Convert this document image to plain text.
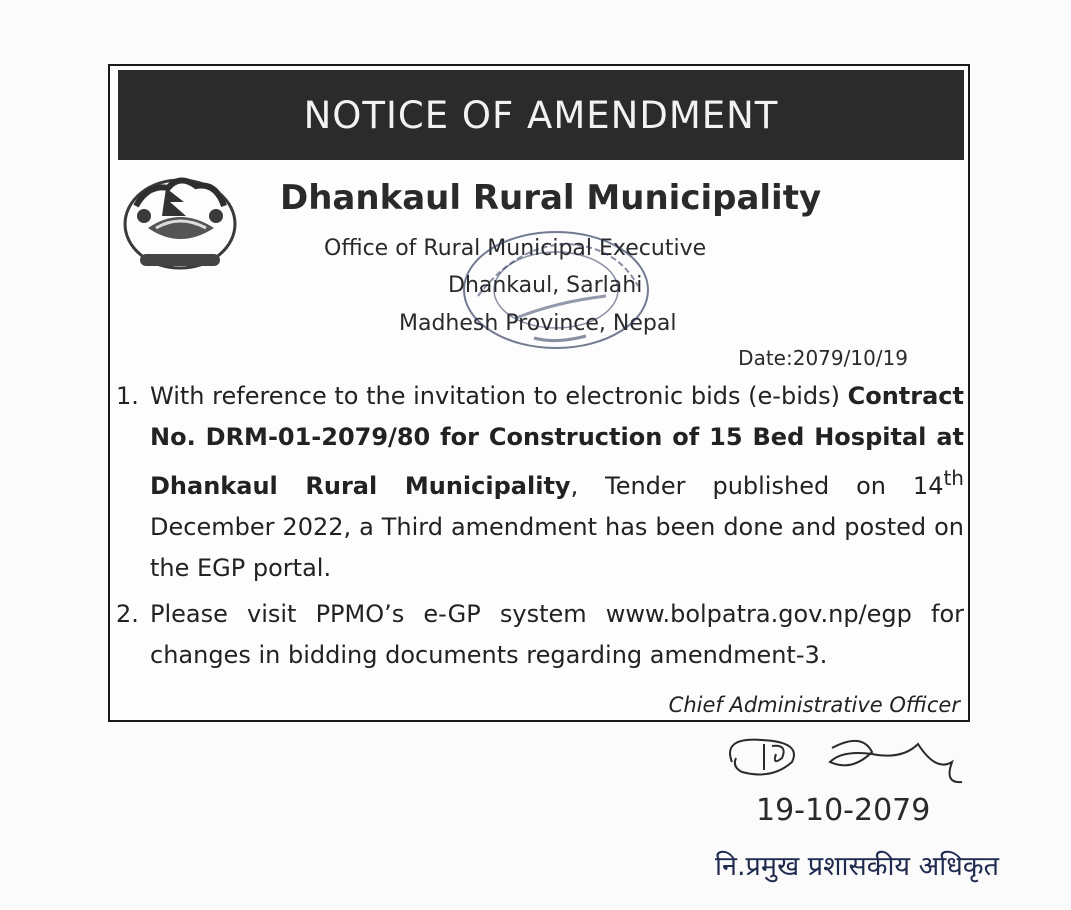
NOTICE OF AMENDMENT
Dhankaul Rural Municipality
Office of Rural Municipal Executive
Dhankaul, Sarlahi
Madhesh Province, Nepal
Date:2079/10/19
1. With reference to the invitation to electronic bids (e-bids) Contract No. DRM-01-2079/80 for Construction of 15 Bed Hospital at Dhankaul Rural Municipality, Tender published on 14th December 2022, a Third amendment has been done and posted on the EGP portal.
2. Please visit PPMO’s e-GP system www.bolpatra.gov.np/egp for changes in bidding documents regarding amendment-3.
Chief Administrative Officer
19-10-2079
नि.प्रमुख प्रशासकीय अधिकृत
